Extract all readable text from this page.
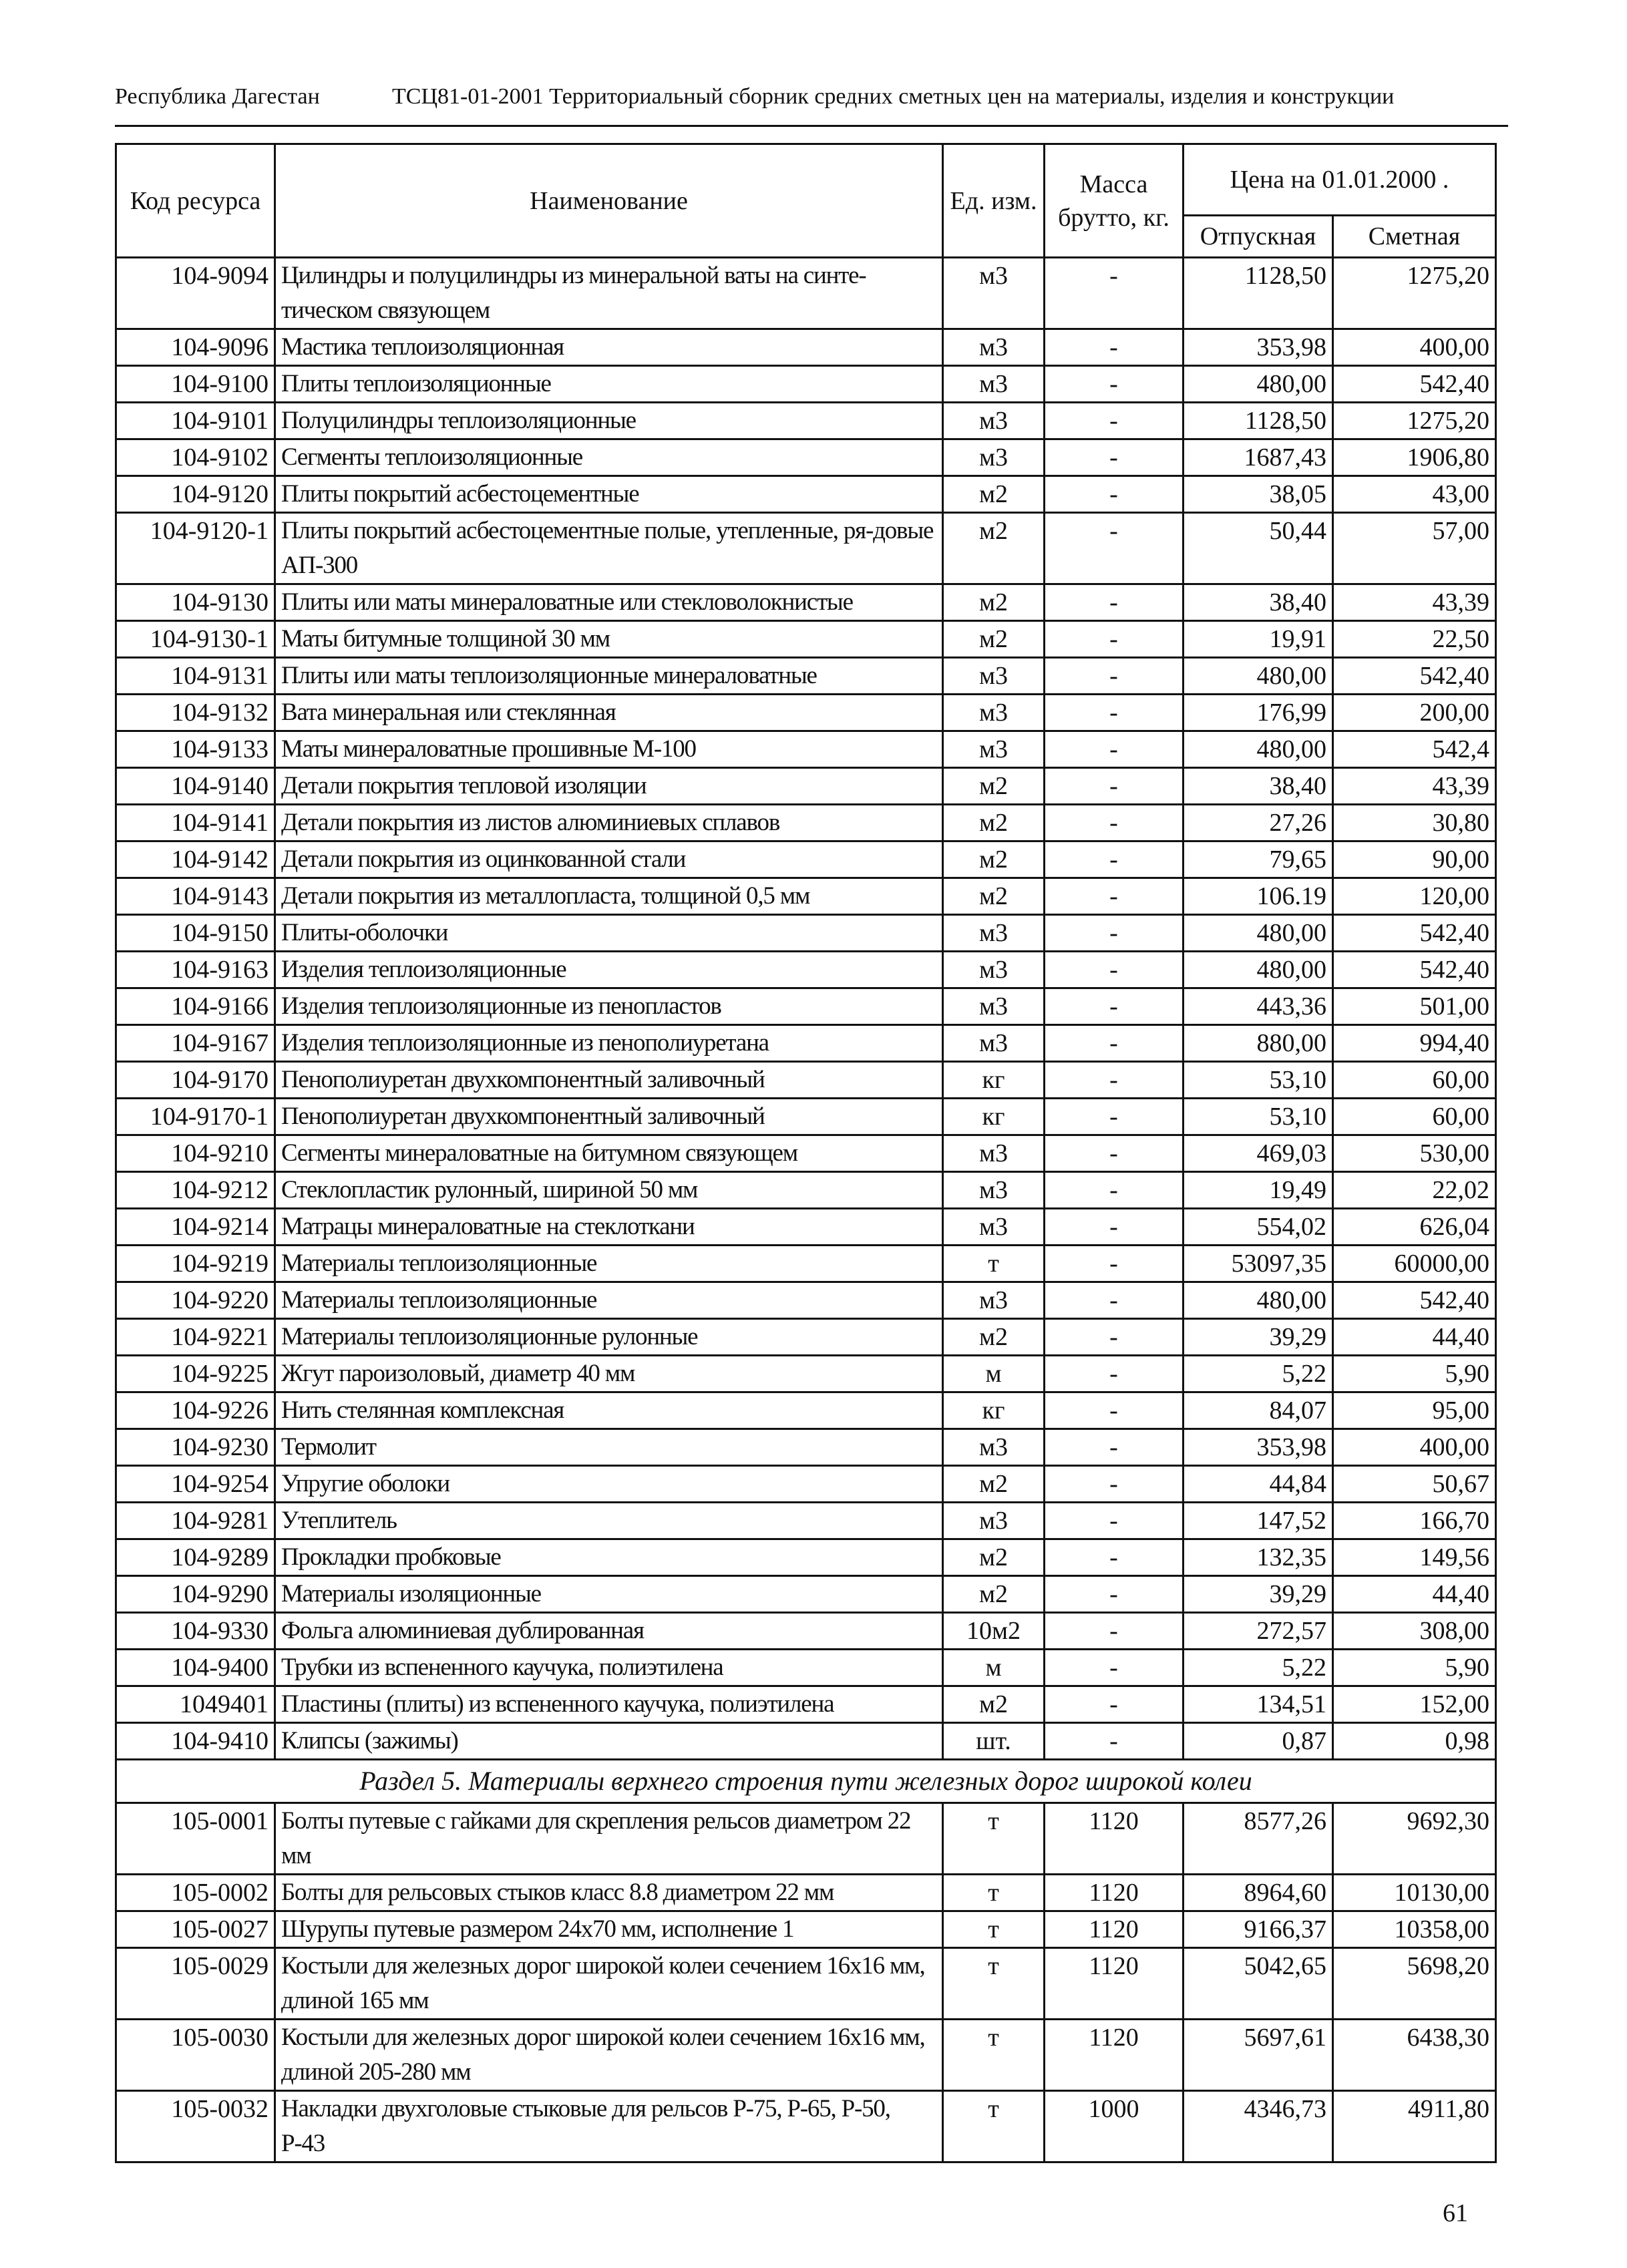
Республика Дагестан	ТСЦ81-01-2001 Территориальный сборник средних сметных цен на материалы, изделия и конструкции
Код ресурса	Наименование	Ед. изм.	Масса брутто, кг.	Цена на 01.01.2000 .	
				Отпускная	Сметная
104-9094	Цилиндры и полуцилиндры из минеральной ваты на синте-тическом связующем	м3	-	1128,50	1275,20
104-9096	Мастика теплоизоляционная	м3	-	353,98	400,00
104-9100	Плиты теплоизоляционные	м3	-	480,00	542,40
104-9101	Полуцилиндры теплоизоляционные	м3	-	1128,50	1275,20
104-9102	Сегменты теплоизоляционные	м3	-	1687,43	1906,80
104-9120	Плиты покрытий асбестоцементные	м2	-	38,05	43,00
104-9120-1	Плиты покрытий асбестоцементные полые, утепленные, ря-довые АП-300	м2	-	50,44	57,00
104-9130	Плиты или маты минераловатные или стекловолокнистые	м2	-	38,40	43,39
104-9130-1	Маты битумные толщиной 30 мм	м2	-	19,91	22,50
104-9131	Плиты или маты теплоизоляционные минераловатные	м3	-	480,00	542,40
104-9132	Вата минеральная или стеклянная	м3	-	176,99	200,00
104-9133	Маты минераловатные прошивные М-100	м3	-	480,00	542,4
104-9140	Детали покрытия тепловой изоляции	м2	-	38,40	43,39
104-9141	Детали покрытия из листов алюминиевых сплавов	м2	-	27,26	30,80
104-9142	Детали покрытия из оцинкованной стали	м2	-	79,65	90,00
104-9143	Детали покрытия из металлопласта, толщиной 0,5 мм	м2	-	106.19	120,00
104-9150	Плиты-оболочки	м3	-	480,00	542,40
104-9163	Изделия теплоизоляционные	м3	-	480,00	542,40
104-9166	Изделия теплоизоляционные из пенопластов	м3	-	443,36	501,00
104-9167	Изделия теплоизоляционные из пенополиуретана	м3	-	880,00	994,40
104-9170	Пенополиуретан двухкомпонентный заливочный	кг	-	53,10	60,00
104-9170-1	Пенополиуретан двухкомпонентный заливочный	кг	-	53,10	60,00
104-9210	Сегменты минераловатные на битумном связующем	м3	-	469,03	530,00
104-9212	Стеклопластик рулонный, шириной 50 мм	м3	-	19,49	22,02
104-9214	Матрацы минераловатные на стеклоткани	м3	-	554,02	626,04
104-9219	Материалы теплоизоляционные	т	-	53097,35	60000,00
104-9220	Материалы теплоизоляционные	м3	-	480,00	542,40
104-9221	Материалы теплоизоляционные рулонные	м2	-	39,29	44,40
104-9225	Жгут пароизоловый, диаметр 40 мм	м	-	5,22	5,90
104-9226	Нить стелянная комплексная	кг	-	84,07	95,00
104-9230	Термолит	м3	-	353,98	400,00
104-9254	Упругие оболоки	м2	-	44,84	50,67
104-9281	Утеплитель	м3	-	147,52	166,70
104-9289	Прокладки пробковые	м2	-	132,35	149,56
104-9290	Материалы изоляционные	м2	-	39,29	44,40
104-9330	Фольга алюминиевая дублированная	10м2	-	272,57	308,00
104-9400	Трубки из вспененного каучука, полиэтилена	м	-	5,22	5,90
1049401	Пластины (плиты) из вспененного каучука, полиэтилена	м2	-	134,51	152,00
104-9410	Клипсы (зажимы)	шт.	-	0,87	0,98
Раздел 5. Материалы верхнего строения пути железных дорог широкой колеи					
105-0001	Болты путевые с гайками для скрепления рельсов диаметром 22 мм	т	1120	8577,26	9692,30
105-0002	Болты для рельсовых стыков класс 8.8 диаметром 22 мм	т	1120	8964,60	10130,00
105-0027	Шурупы путевые размером 24х70 мм, исполнение 1	т	1120	9166,37	10358,00
105-0029	Костыли для железных дорог широкой колеи сечением 16х16 мм, длиной 165 мм	т	1120	5042,65	5698,20
105-0030	Костыли для железных дорог широкой колеи сечением 16х16 мм, длиной 205-280 мм	т	1120	5697,61	6438,30
105-0032	Накладки двухголовые стыковые для рельсов Р-75, Р-65, Р-50, Р-43	т	1000	4346,73	4911,80
61
